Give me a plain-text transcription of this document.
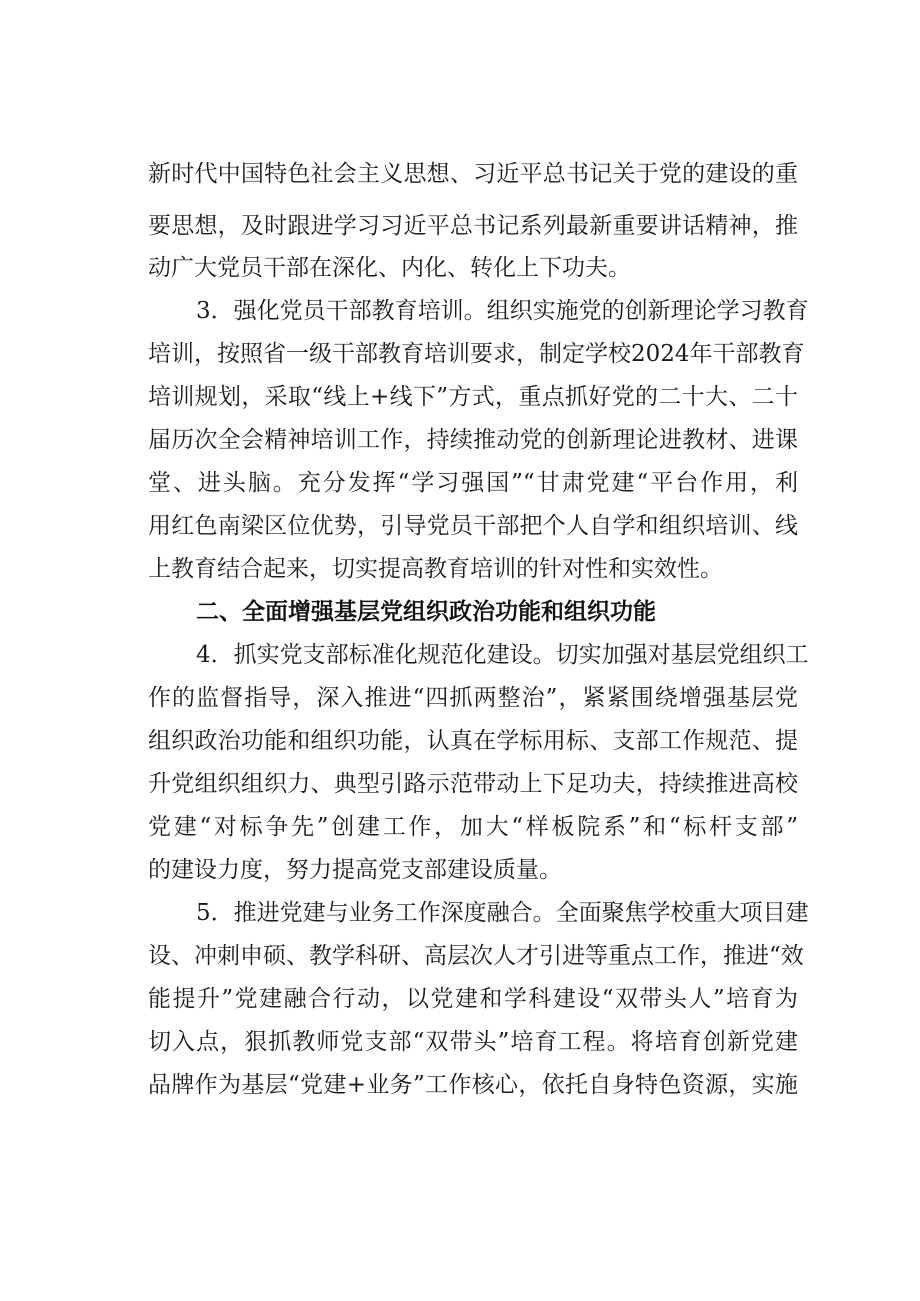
新时代中国特色社会主义思想、习近平总书记关于党的建设的重
要思想，及时跟进学习习近平总书记系列最新重要讲话精神，推
动广大党员干部在深化、内化、转化上下功夫。
3．强化党员干部教育培训。组织实施党的创新理论学习教育
培训，按照省一级干部教育培训要求，制定学校2024年干部教育
培训规划，采取“线上+线下”方式，重点抓好党的二十大、二十
届历次全会精神培训工作，持续推动党的创新理论进教材、进课
堂、进头脑。充分发挥“学习强国”“甘肃党建“平台作用，利
用红色南梁区位优势，引导党员干部把个人自学和组织培训、线
上教育结合起来，切实提高教育培训的针对性和实效性。
二、全面增强基层党组织政治功能和组织功能
4．抓实党支部标准化规范化建设。切实加强对基层党组织工
作的监督指导，深入推进“四抓两整治”，紧紧围绕增强基层党
组织政治功能和组织功能，认真在学标用标、支部工作规范、提
升党组织组织力、典型引路示范带动上下足功夫，持续推进高校
党建“对标争先”创建工作，加大“样板院系”和“标杆支部”
的建设力度，努力提高党支部建设质量。
5．推进党建与业务工作深度融合。全面聚焦学校重大项目建
设、冲刺申硕、教学科研、高层次人才引进等重点工作，推进“效
能提升”党建融合行动，以党建和学科建设“双带头人”培育为
切入点，狠抓教师党支部“双带头”培育工程。将培育创新党建
品牌作为基层“党建+业务”工作核心，依托自身特色资源，实施
